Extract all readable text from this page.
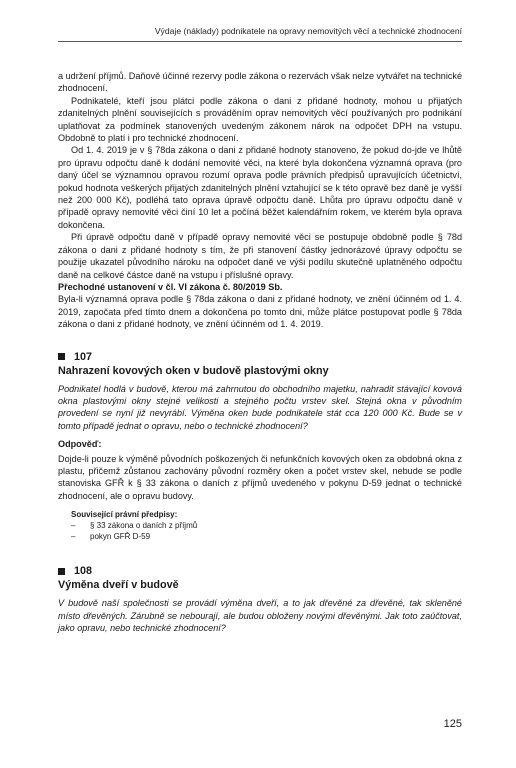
Výdaje (náklady) podnikatele na opravy nemovitých věcí a technické zhodnocení

a udržení příjmů. Daňově účinné rezervy podle zákona o rezervách však nelze vytvářet na technické zhodnocení.

Podnikatelé, kteří jsou plátci podle zákona o dani z přidané hodnoty, mohou u přijatých zdanitelných plnění souvisejících s prováděním oprav nemovitých věcí používaných pro podnikání uplatňovat za podmínek stanovených uvedeným zákonem nárok na odpočet DPH na vstupu. Obdobně to platí i pro technické zhodnocení.

Od 1. 4. 2019 je v § 78da zákona o dani z přidané hodnoty stanoveno, že pokud do-jde ve lhůtě pro úpravu odpočtu daně k dodání nemovité věci, na které byla dokončena významná oprava (pro daný účel se významnou opravou rozumí oprava podle právních předpisů upravujících účetnictví, pokud hodnota veškerých přijatých zdanitelných plnění vztahující se k této opravě bez daně je vyšší než 200 000 Kč), podléhá tato oprava úpravě odpočtu daně. Lhůta pro úpravu odpočtu daně v případě opravy nemovité věci činí 10 let a počíná běžet kalendářním rokem, ve kterém byla oprava dokončena.

Při úpravě odpočtu daně v případě opravy nemovité věci se postupuje obdobně podle § 78d zákona o dani z přidané hodnoty s tím, že při stanovení částky jednorázové úpravy odpočtu se použije ukazatel původního nároku na odpočet daně ve výši podílu skutečně uplatněného odpočtu daně na celkové částce daně na vstupu i příslušné opravy.

Přechodné ustanovení v čl. VI zákona č. 80/2019 Sb.

Byla-li významná oprava podle § 78da zákona o dani z přidané hodnoty, ve znění účinném od 1. 4. 2019, započata před tímto dnem a dokončena po tomto dni, může plátce postupovat podle § 78da zákona o dani z přidané hodnoty, ve znění účinném od 1. 4. 2019.

107
Nahrazení kovových oken v budově plastovými okny

Podnikatel hodlá v budově, kterou má zahrnutou do obchodního majetku, nahradit stávající kovová okna plastovými okny stejné velikosti a stejného počtu vrstev skel. Stejná okna v původním provedení se nyní již nevyrábí. Výměna oken bude podnikatele stát cca 120 000 Kč. Bude se v tomto případě jednat o opravu, nebo o technické zhodnocení?

Odpověď:

Dojde-li pouze k výměně původních poškozených či nefunkčních kovových oken za obdobná okna z plastu, přičemž zůstanou zachovány původní rozměry oken a počet vrstev skel, nebude se podle stanoviska GFŘ k § 33 zákona o daních z příjmů uvedeného v pokynu D-59 jednat o technické zhodnocení, ale o opravu budovy.

Související právní předpisy:
–	§ 33 zákona o daních z příjmů
–	pokyn GFŘ D-59
108
Výměna dveří v budově

V budově naší společnosti se provádí výměna dveří, a to jak dřevěné za dřevěné, tak skleněné místo dřevěných. Zárubně se nebourají, ale budou obloženy novými dřevěnými. Jak toto zaúčtovat, jako opravu, nebo technické zhodnocení?

125
